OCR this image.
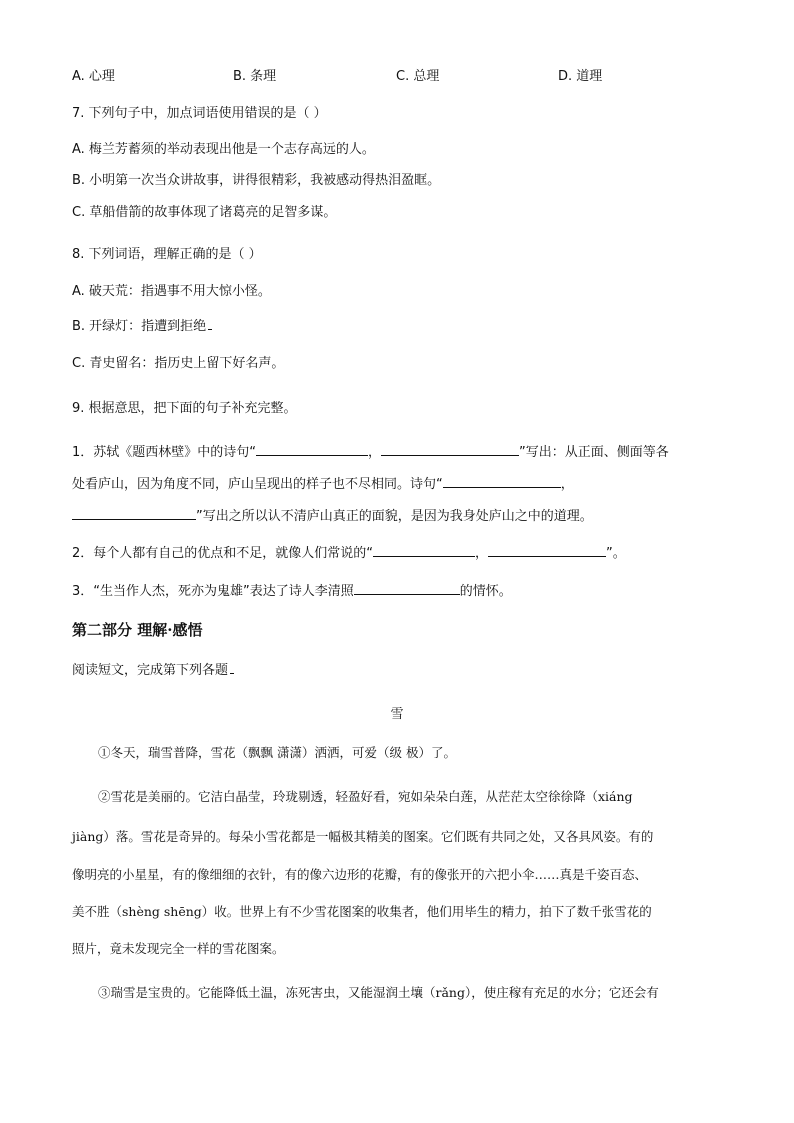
A. 心理	B. 条理	C. 总理	D. 道理
7. 下列句子中，加点词语使用错误的是（ ）
A. 梅兰芳蓄须的举动表现出他是一个志存高远的人。
B. 小明第一次当众讲故事，讲得很精彩，我被感动得热泪盈眶。
C. 草船借箭的故事体现了诸葛亮的足智多谋。
8. 下列词语，理解正确的是（ ）
A. 破天荒：指遇事不用大惊小怪。
B. 开绿灯：指遭到拒绝
C. 青史留名：指历史上留下好名声。
9. 根据意思，把下面的句子补充完整。
1．苏轼《题西林壁》中的诗句“	，	”写出：从正面、侧面等各
处看庐山，因为角度不同，庐山呈现出的样子也不尽相同。诗句“	，
”写出之所以认不清庐山真正的面貌，是因为我身处庐山之中的道理。
2．每个人都有自己的优点和不足，就像人们常说的“	，	”。
3．“生当作人杰，死亦为鬼雄”表达了诗人李清照	的情怀。
第二部分 理解·感悟
阅读短文，完成第下列各题
雪
①冬天，瑞雪普降，雪花（飘飘 潇潇）洒洒，可爱（级 极）了。
②雪花是美丽的。它洁白晶莹，玲珑剔透，轻盈好看，宛如朵朵白莲，从茫茫太空徐徐降（xiáng
jiàng）落。雪花是奇异的。每朵小雪花都是一幅极其精美的图案。它们既有共同之处，又各具风姿。有的
像明亮的小星星，有的像细细的衣针，有的像六边形的花瓣，有的像张开的六把小伞……真是千姿百态、
美不胜（shèng shēng）收。世界上有不少雪花图案的收集者，他们用毕生的精力，拍下了数千张雪花的
照片，竟未发现完全一样的雪花图案。
③瑞雪是宝贵的。它能降低土温，冻死害虫，又能湿润土壤（rǎng），使庄稼有充足的水分；它还会有
